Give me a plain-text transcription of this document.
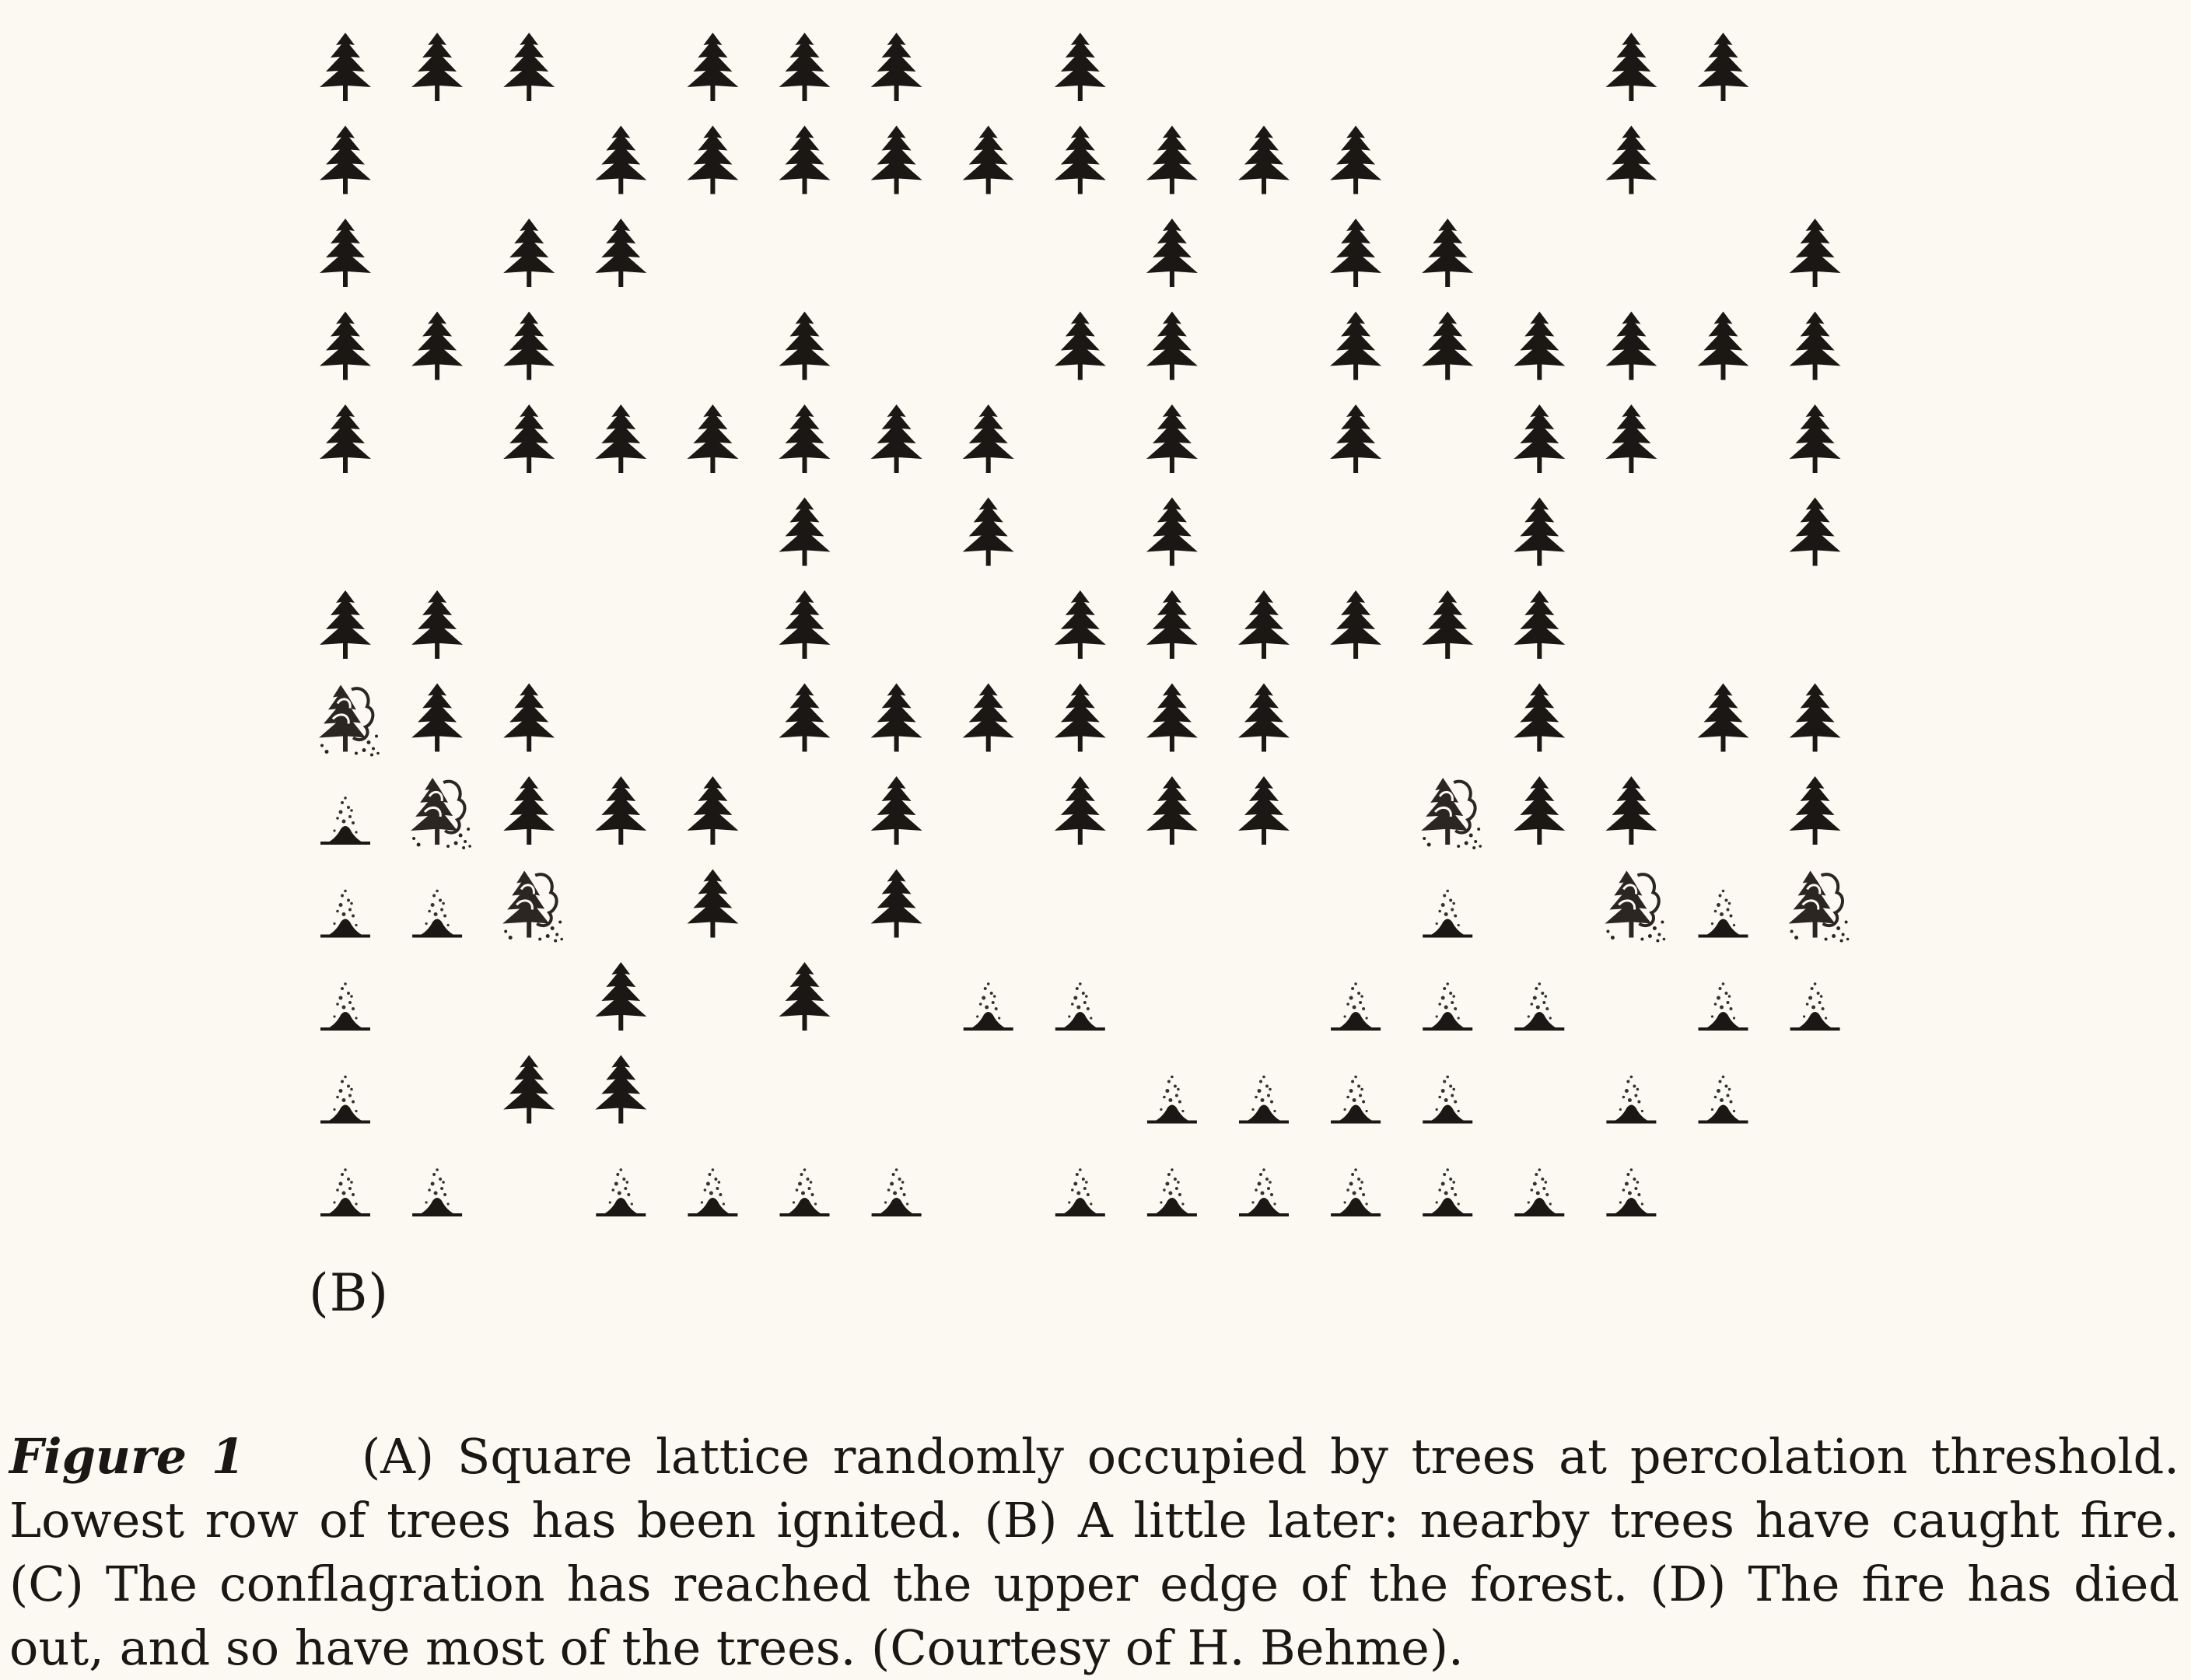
(B)
Figure 1 (A) Square lattice randomly occupied by trees at percolation threshold. Lowest row of trees has been ignited. (B) A little later: nearby trees have caught fire. (C) The conflagration has reached the upper edge of the forest. (D) The fire has died out, and so have most of the trees. (Courtesy of H. Behme).
